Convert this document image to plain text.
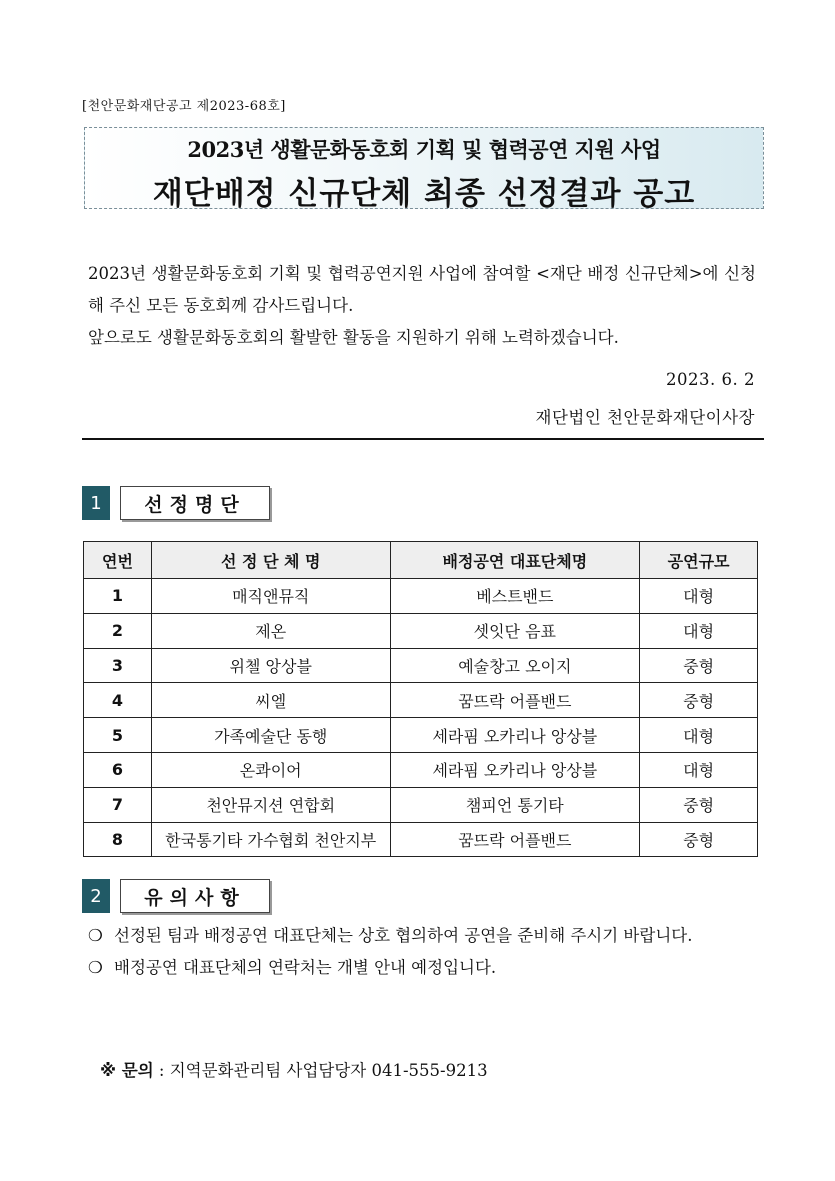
[천안문화재단공고 제2023-68호]
2023년 생활문화동호회 기획 및 협력공연 지원 사업
재단배정 신규단체 최종 선정결과 공고

2023년 생활문화동호회 기획 및 협력공연지원 사업에 참여할 <재단 배정 신규단체>에 신청해 주신 모든 동호회께 감사드립니다.

앞으로도 생활문화동호회의 활발한 활동을 지원하기 위해 노력하겠습니다.

2023. 6. 2
재단법인 천안문화재단이사장
1	선정명단
연번	선 정 단 체 명	배정공연 대표단체명	공연규모
1	매직앤뮤직	베스트밴드	대형
2	제온	셋잇단 음표	대형
3	위첼 앙상블	예술창고 오이지	중형
4	씨엘	꿈뜨락 어플밴드	중형
5	가족예술단 동행	세라핌 오카리나 앙상블	대형
6	온콰이어	세라핌 오카리나 앙상블	대형
7	천안뮤지션 연합회	챔피언 통기타	중형
8	한국통기타 가수협회 천안지부	꿈뜨락 어플밴드	중형
2	유의사항
❍ 선정된 팀과 배정공연 대표단체는 상호 협의하여 공연을 준비해 주시기 바랍니다.
❍ 배정공연 대표단체의 연락처는 개별 안내 예정입니다.
※ 문의 : 지역문화관리팀 사업담당자 041-555-9213
